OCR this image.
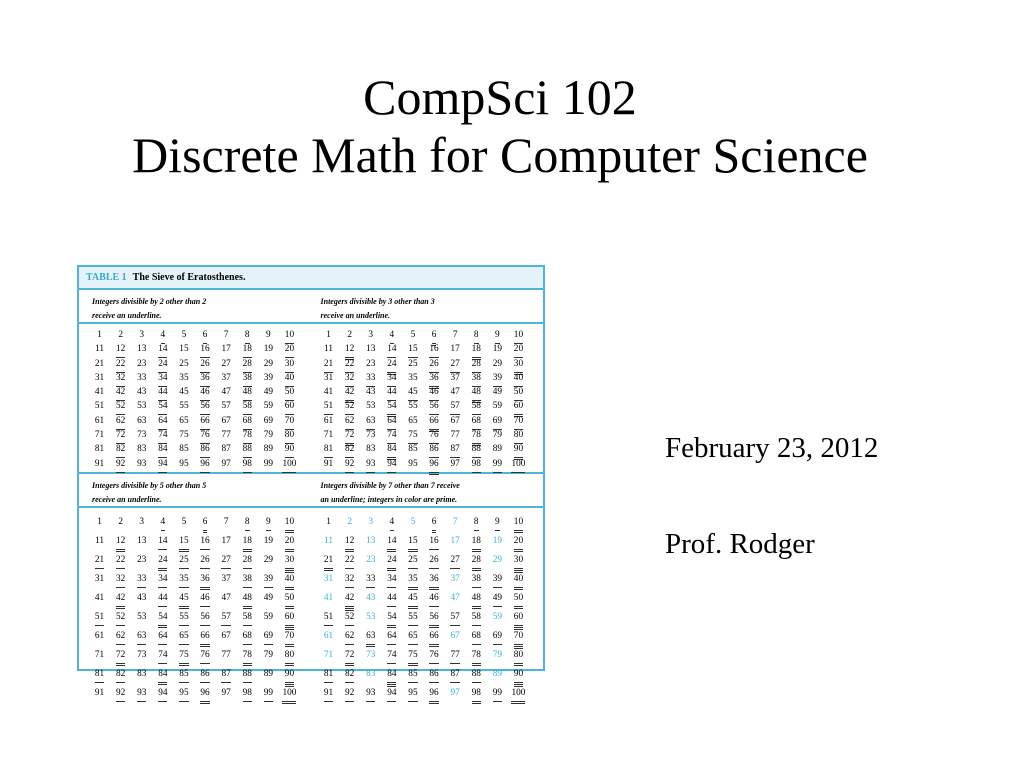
CompSci 102
Discrete Math for Computer Science
February 23, 2012
Prof. Rodger
TABLE 1 The Sieve of Eratosthenes.
Integers divisible by 2 other than 2
receive an underline.
Integers divisible by 3 other than 3
receive an underline.
1	2	3	4	5	6	7	8	9	10
11	12	13	14	15	16	17	18	19	20
21	22	23	24	25	26	27	28	29	30
31	32	33	34	35	36	37	38	39	40
41	42	43	44	45	46	47	48	49	50
51	52	53	54	55	56	57	58	59	60
61	62	63	64	65	66	67	68	69	70
71	72	73	74	75	76	77	78	79	80
81	82	83	84	85	86	87	88	89	90
91	92	93	94	95	96	97	98	99	100
1	2	3	4	5	6	7	8	9	10
11	12	13	14	15	16	17	18	19	20
21	22	23	24	25	26	27	28	29	30
31	32	33	34	35	36	37	38	39	40
41	42	43	44	45	46	47	48	49	50
51	52	53	54	55	56	57	58	59	60
61	62	63	64	65	66	67	68	69	70
71	72	73	74	75	76	77	78	79	80
81	82	83	84	85	86	87	88	89	90
91	92	93	94	95	96	97	98	99	100
Integers divisible by 5 other than 5
receive an underline.
Integers divisible by 7 other than 7 receive
an underline; integers in color are prime.
1	2	3	4	5	6	7	8	9	10
11	12	13	14	15	16	17	18	19	20
21	22	23	24	25	26	27	28	29	30
31	32	33	34	35	36	37	38	39	40
41	42	43	44	45	46	47	48	49	50
51	52	53	54	55	56	57	58	59	60
61	62	63	64	65	66	67	68	69	70
71	72	73	74	75	76	77	78	79	80
81	82	83	84	85	86	87	88	89	90
91	92	93	94	95	96	97	98	99	100
1	2	3	4	5	6	7	8	9	10
11	12	13	14	15	16	17	18	19	20
21	22	23	24	25	26	27	28	29	30
31	32	33	34	35	36	37	38	39	40
41	42	43	44	45	46	47	48	49	50
51	52	53	54	55	56	57	58	59	60
61	62	63	64	65	66	67	68	69	70
71	72	73	74	75	76	77	78	79	80
81	82	83	84	85	86	87	88	89	90
91	92	93	94	95	96	97	98	99	100
